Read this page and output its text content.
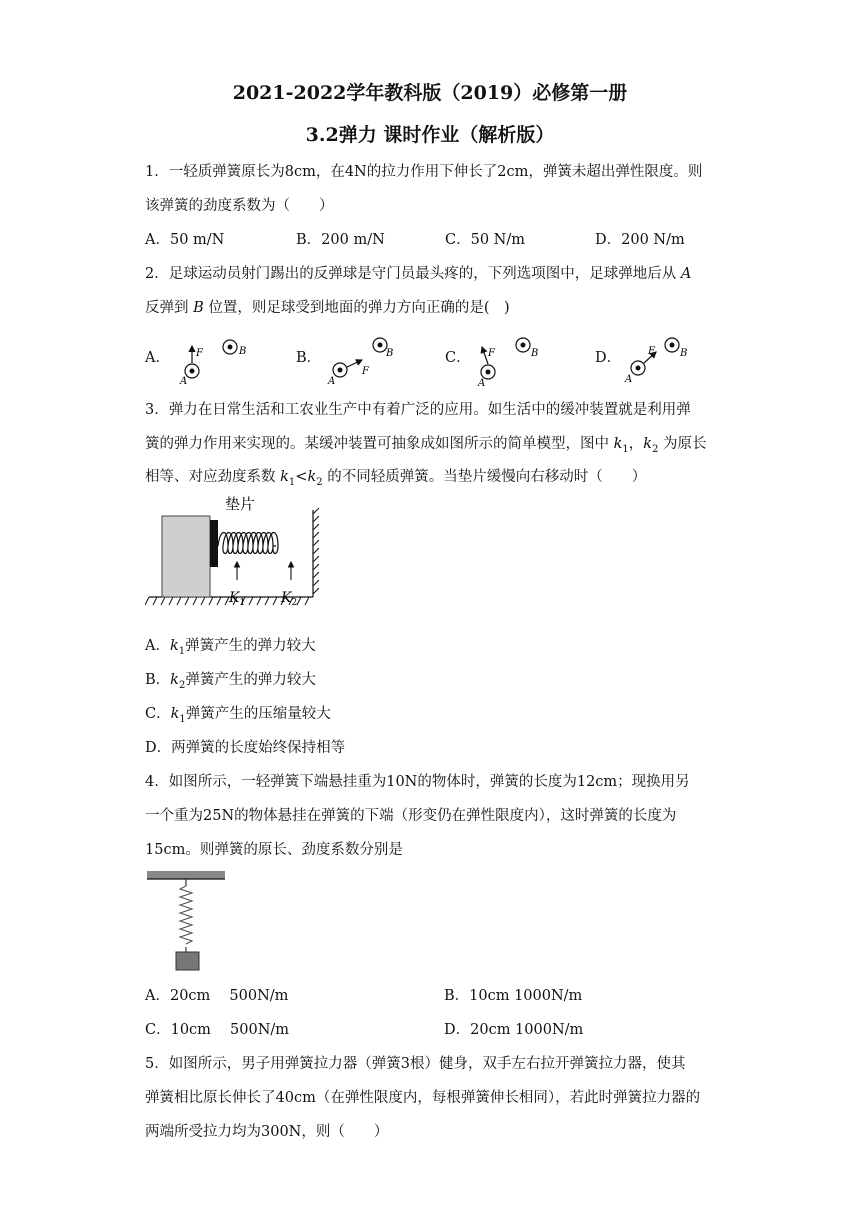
2021-2022学年教科版（2019）必修第一册
3.2弹力 课时作业（解析版）
1．一轻质弹簧原长为8cm，在4N的拉力作用下伸长了2cm，弹簧未超出弹性限度。则
该弹簧的劲度系数为（　　）
A．50 m/N	B．200 m/N	C．50 N/m	D．200 N/m
2．足球运动员射门踢出的反弹球是守门员最头疼的，下列选项图中，足球弹地后从 A
反弹到 B 位置，则足球受到地面的弹力方向正确的是(　)
A．	B．	C．	D．
F
A
B
F
A
B	F
A
B	F
A
B
3．弹力在日常生活和工农业生产中有着广泛的应用。如生活中的缓冲装置就是利用弹
簧的弹力作用来实现的。某缓冲装置可抽象成如图所示的简单模型，图中 $k_1$，$k_2$ 为原长
相等、对应劲度系数 $k_1<k_2$ 的不同轻质弹簧。当垫片缓慢向右移动时（　　）
垫片
$K_1$	$K_2$
A．$k_1$弹簧产生的弹力较大
B．$k_2$弹簧产生的弹力较大
C．$k_1$弹簧产生的压缩量较大
D．两弹簧的长度始终保持相等
4．如图所示，一轻弹簧下端悬挂重为10N的物体时，弹簧的长度为12cm；现换用另
一个重为25N的物体悬挂在弹簧的下端（形变仍在弹性限度内），这时弹簧的长度为
15cm。则弹簧的原长、劲度系数分别是
A．20cm　 500N/m	B．10cm 1000N/m
C．10cm　 500N/m	D．20cm 1000N/m
5．如图所示，男子用弹簧拉力器（弹簧3根）健身，双手左右拉开弹簧拉力器，使其
弹簧相比原长伸长了40cm（在弹性限度内，每根弹簧伸长相同），若此时弹簧拉力器的
两端所受拉力均为300N，则（　　）
